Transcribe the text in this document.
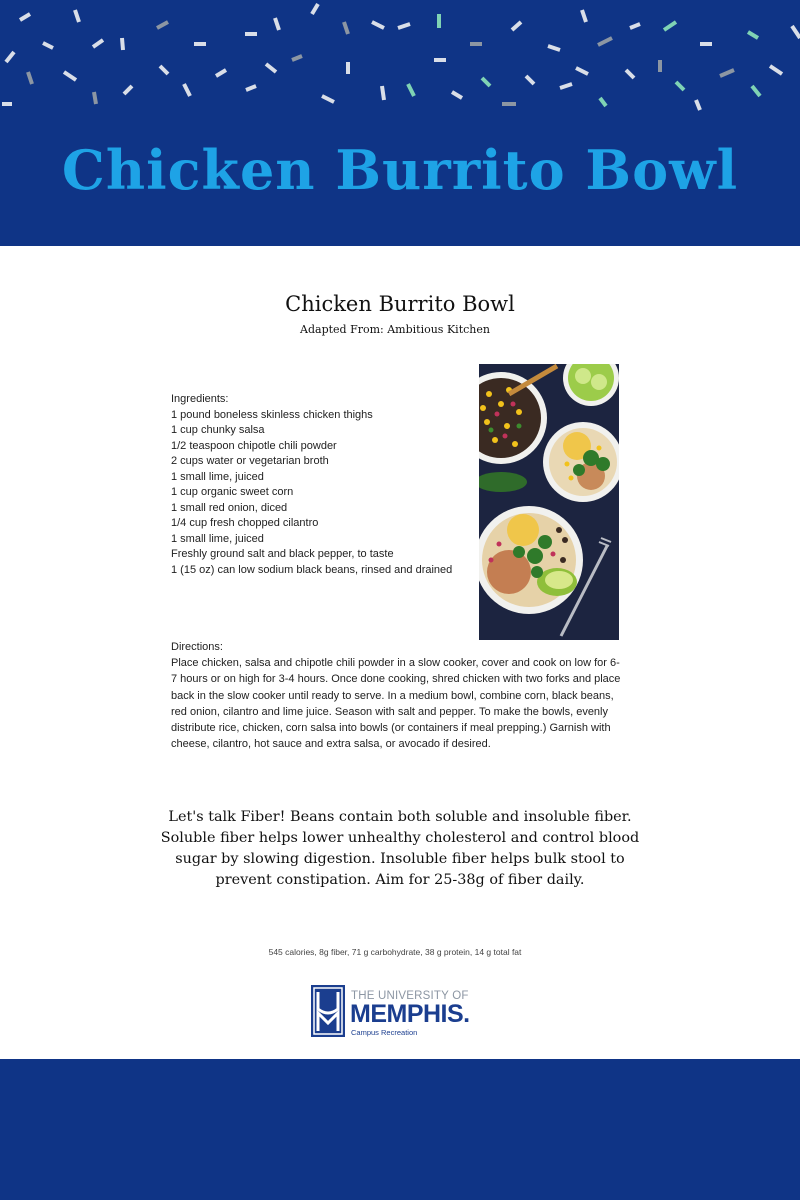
Chicken Burrito Bowl
Chicken Burrito Bowl
Adapted From: Ambitious Kitchen
Ingredients:
1 pound boneless skinless chicken thighs
1 cup chunky salsa
1/2 teaspoon chipotle chili powder
2 cups water or vegetarian broth
1 small lime, juiced
1 cup organic sweet corn
1 small red onion, diced
1/4 cup fresh chopped cilantro
1 small lime, juiced
Freshly ground salt and black pepper, to taste
1 (15 oz) can low sodium black beans, rinsed and drained
Directions:
Place chicken, salsa and chipotle chili powder in a slow cooker, cover and cook on low for 6-7 hours or on high for 3-4 hours. Once done cooking, shred chicken with two forks and place back in the slow cooker until ready to serve. In a medium bowl, combine corn, black beans, red onion, cilantro and lime juice. Season with salt and pepper. To make the bowls, evenly distribute rice, chicken, corn salsa into bowls (or containers if meal prepping.) Garnish with cheese, cilantro, hot sauce and extra salsa, or avocado if desired.
Let's talk Fiber! Beans contain both soluble and insoluble fiber. Soluble fiber helps lower unhealthy cholesterol and control blood sugar by slowing digestion. Insoluble fiber helps bulk stool to prevent constipation. Aim for 25-38g of fiber daily.
545 calories, 8g fiber, 71 g carbohydrate, 38 g protein, 14 g total fat
THE UNIVERSITY OF
MEMPHIS.
Campus Recreation
